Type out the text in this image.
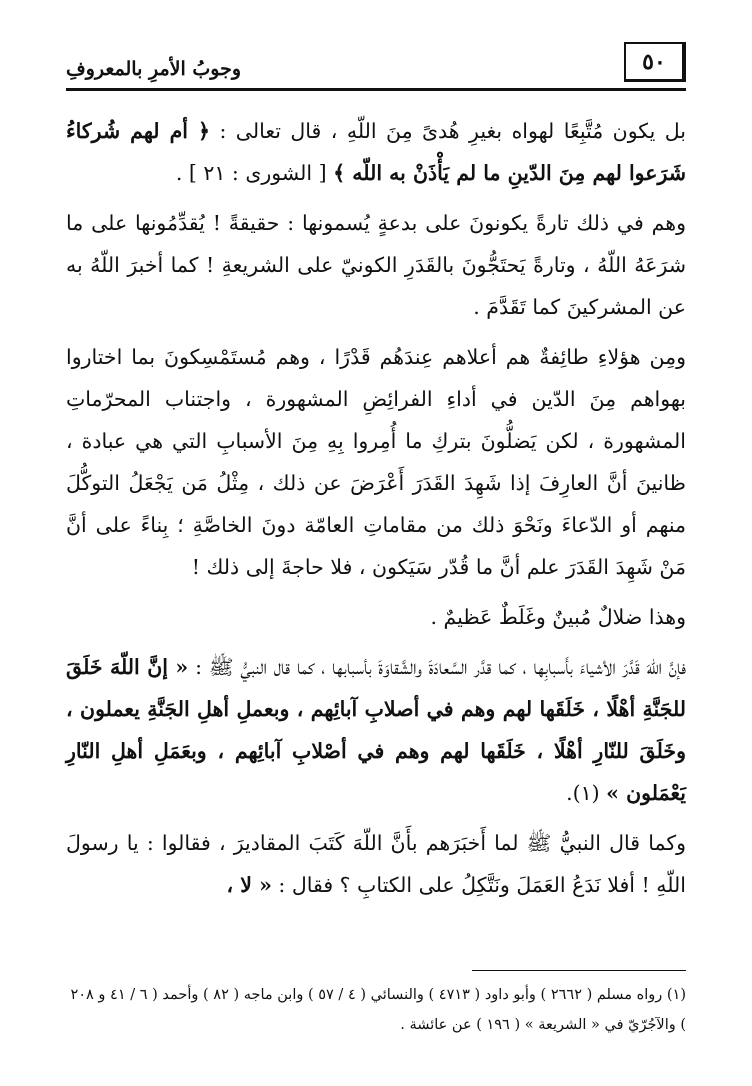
٥٠
وجوبُ الأمرِ بالمعروفِ

بل يكون مُتَّبِعًا لهواه بغيرِ هُدىً مِنَ اللّهِ ، قال تعالى : ﴿ أم لهم شُركاءُ شَرَعوا لهم مِنَ الدّينِ ما لم يَأْذَنْ به اللّه ﴾ [ الشورى : ٢١ ] .

وهم في ذلك تارةً يكونونَ على بدعةٍ يُسمونها : حقيقةً ! يُقدِّمُونها على ما شرَعَهُ اللّهُ ، وتارةً يَحتَجُّونَ بالقَدَرِ الكونيّ على الشريعةِ ! كما أخبرَ اللّهُ به عن المشركينَ كما تَقَدَّمَ .

ومِن هؤلاءِ طائِفةٌ هم أعلاهم عِندَهُم قَدْرًا ، وهم مُستَمْسِكونَ بما اختاروا بهواهم مِنَ الدّين في أداءِ الفرائِضِ المشهورة ، واجتناب المحرّماتِ المشهورة ، لكن يَضلُّونَ بتركِ ما أُمِروا بِهِ مِنَ الأسبابِ التي هي عبادة ، ظانينَ أنَّ العارِفَ إذا شَهِدَ القَدَرَ أَعْرَضَ عن ذلك ، مِثْلُ مَن يَجْعَلُ التوكُّلَ منهم أو الدّعاءَ ونَحْوَ ذلك من مقاماتِ العامّة دونَ الخاصَّةِ ؛ بِناءً على أنَّ مَنْ شَهِدَ القَدَرَ علم أنَّ ما قُدّر سَيَكون ، فلا حاجةَ إلى ذلك !

وهذا ضلالٌ مُبينٌ وغَلَطٌ عَظيمٌ .

فإنَّ اللّهَ قَدَّرَ الأشياءَ بأَسبابِها ، كما قدَّر السَّعادَةَ والشَّقاوَةَ بأسبابها ، كما قال النبيُّ ﷺ : « إنَّ اللّهَ خَلَقَ للجَنَّةِ أهْلًا ، خَلَقَها لهم وهم في أصلابِ آبائِهم ، وبعملِ أهلِ الجَنَّةِ يعملون ، وخَلَقَ للنّارِ أهْلًا ، خَلَقَها لهم وهم في أصْلابِ آبائِهم ، وبعَمَلِ أهلِ النّارِ يَعْمَلون » (١).

وكما قال النبيُّ ﷺ لما أَخبَرَهم بأَنَّ اللّهَ كَتَبَ المقاديرَ ، فقالوا : يا رسولَ اللّهِ ! أفلا نَدَعُ العَمَلَ ونَتَّكِلُ على الكتابِ ؟ فقال : « لا ،

(١) رواه مسلم ( ٢٦٦٢ ) وأبو داود ( ٤٧١٣ ) والنسائي ( ٤ / ٥٧ ) وابن ماجه ( ٨٢ ) وأحمد ( ٦ / ٤١ و ٢٠٨ ) والآجُرّيّ في « الشريعة » ( ١٩٦ ) عن عائشة .
